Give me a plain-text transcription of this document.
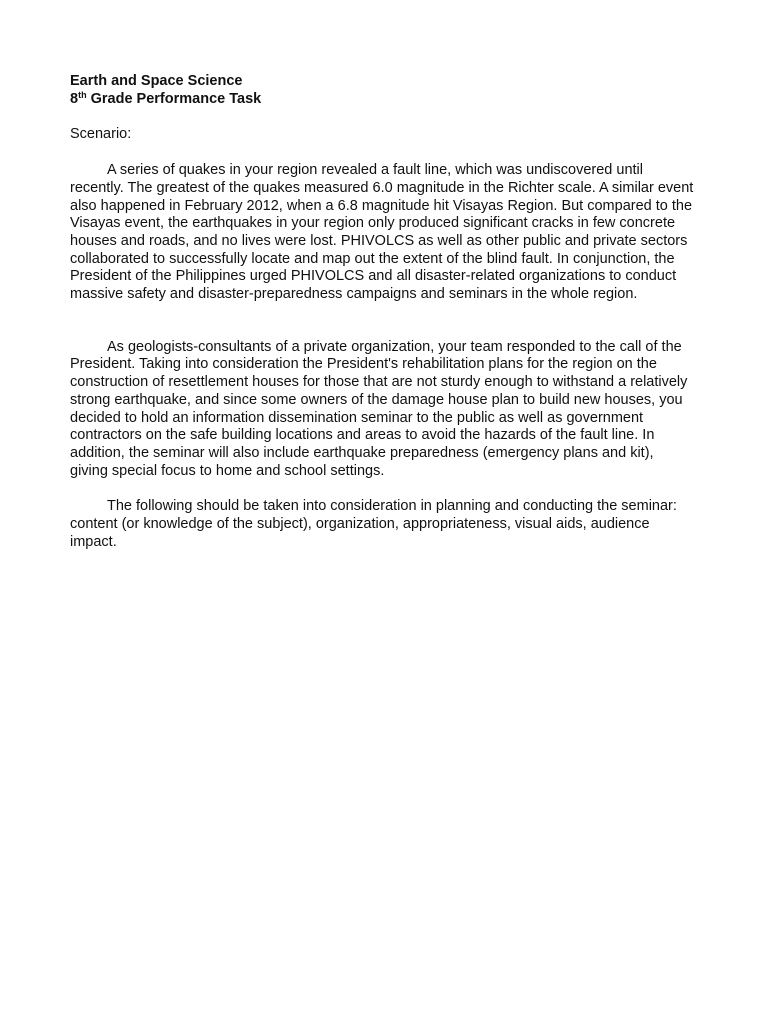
Earth and Space Science
8th Grade Performance Task
Scenario:

A series of quakes in your region revealed a fault line, which was undiscovered until recently. The greatest of the quakes measured 6.0 magnitude in the Richter scale. A similar event also happened in February 2012, when a 6.8 magnitude hit Visayas Region. But compared to the Visayas event, the earthquakes in your region only produced significant cracks in few concrete houses and roads, and no lives were lost. PHIVOLCS as well as other public and private sectors collaborated to successfully locate and map out the extent of the blind fault. In conjunction, the President of the Philippines urged PHIVOLCS and all disaster-related organizations to conduct massive safety and disaster-preparedness campaigns and seminars in the whole region.

As geologists-consultants of a private organization, your team responded to the call of the President. Taking into consideration the President's rehabilitation plans for the region on the construction of resettlement houses for those that are not sturdy enough to withstand a relatively strong earthquake, and since some owners of the damage house plan to build new houses, you decided to hold an information dissemination seminar to the public as well as government contractors on the safe building locations and areas to avoid the hazards of the fault line. In addition, the seminar will also include earthquake preparedness (emergency plans and kit), giving special focus to home and school settings.

The following should be taken into consideration in planning and conducting the seminar: content (or knowledge of the subject), organization, appropriateness, visual aids, audience impact.
